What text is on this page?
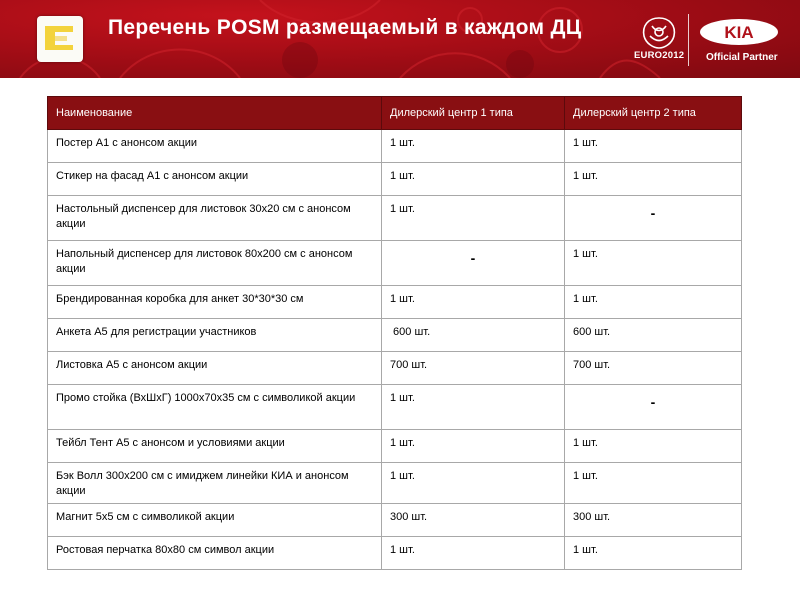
Перечень POSM размещаемый в каждом ДЦ
EURO2012
KIA
Official Partner
Наименование	Дилерский центр 1 типа	Дилерский центр 2 типа
Постер А1 с анонсом акции	1 шт.	1 шт.
Стикер на фасад А1 с анонсом акции	1 шт.	1 шт.
Настольный диспенсер для листовок 30х20 см с анонсом акции	1 шт.	-
Напольный диспенсер для листовок 80х200 см с анонсом акции	-	1 шт.
Брендированная коробка для анкет 30*30*30 см	1 шт.	1 шт.
Анкета А5 для регистрации участников	600 шт.	600 шт.
Листовка А5 с анонсом акции	700 шт.	700 шт.
Промо стойка (ВхШхГ) 1000х70х35 см с символикой акции	1 шт.	-
Тейбл Тент А5 с анонсом и условиями акции	1 шт.	1 шт.
Бэк Волл 300х200 см с имиджем линейки КИА и анонсом акции	1 шт.	1 шт.
Магнит 5х5 см с символикой акции	300 шт.	300 шт.
Ростовая перчатка 80х80 см символ акции	1 шт.	1 шт.
